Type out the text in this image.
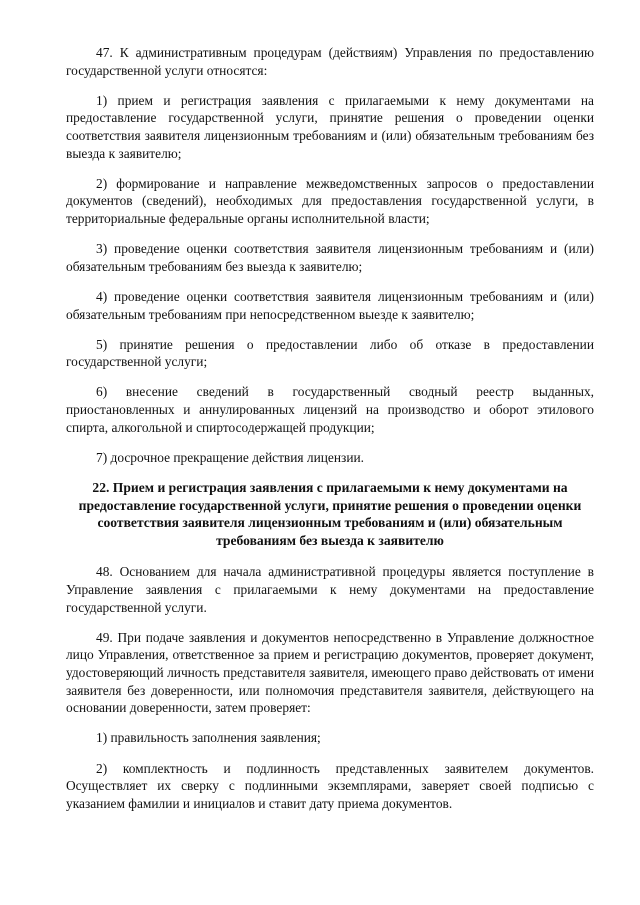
47. К административным процедурам (действиям) Управления по предоставлению государственной услуги относятся:

1) прием и регистрация заявления с прилагаемыми к нему документами на предоставление государственной услуги, принятие решения о проведении оценки соответствия заявителя лицензионным требованиям и (или) обязательным требованиям без выезда к заявителю;

2) формирование и направление межведомственных запросов о предоставлении документов (сведений), необходимых для предоставления государственной услуги, в территориальные федеральные органы исполнительной власти;

3) проведение оценки соответствия заявителя лицензионным требованиям и (или) обязательным требованиям без выезда к заявителю;

4) проведение оценки соответствия заявителя лицензионным требованиям и (или) обязательным требованиям при непосредственном выезде к заявителю;

5) принятие решения о предоставлении либо об отказе в предоставлении государственной услуги;

6) внесение сведений в государственный сводный реестр выданных, приостановленных и аннулированных лицензий на производство и оборот этилового спирта, алкогольной и спиртосодержащей продукции;

7) досрочное прекращение действия лицензии.

22. Прием и регистрация заявления с прилагаемыми к нему документами на предоставление государственной услуги, принятие решения о проведении оценки соответствия заявителя лицензионным требованиям и (или) обязательным требованиям без выезда к заявителю

48. Основанием для начала административной процедуры является поступление в Управление заявления с прилагаемыми к нему документами на предоставление государственной услуги.

49. При подаче заявления и документов непосредственно в Управление должностное лицо Управления, ответственное за прием и регистрацию документов, проверяет документ, удостоверяющий личность представителя заявителя, имеющего право действовать от имени заявителя без доверенности, или полномочия представителя заявителя, действующего на основании доверенности, затем проверяет:

1) правильность заполнения заявления;

2) комплектность и подлинность представленных заявителем документов. Осуществляет их сверку с подлинными экземплярами, заверяет своей подписью с указанием фамилии и инициалов и ставит дату приема документов.
